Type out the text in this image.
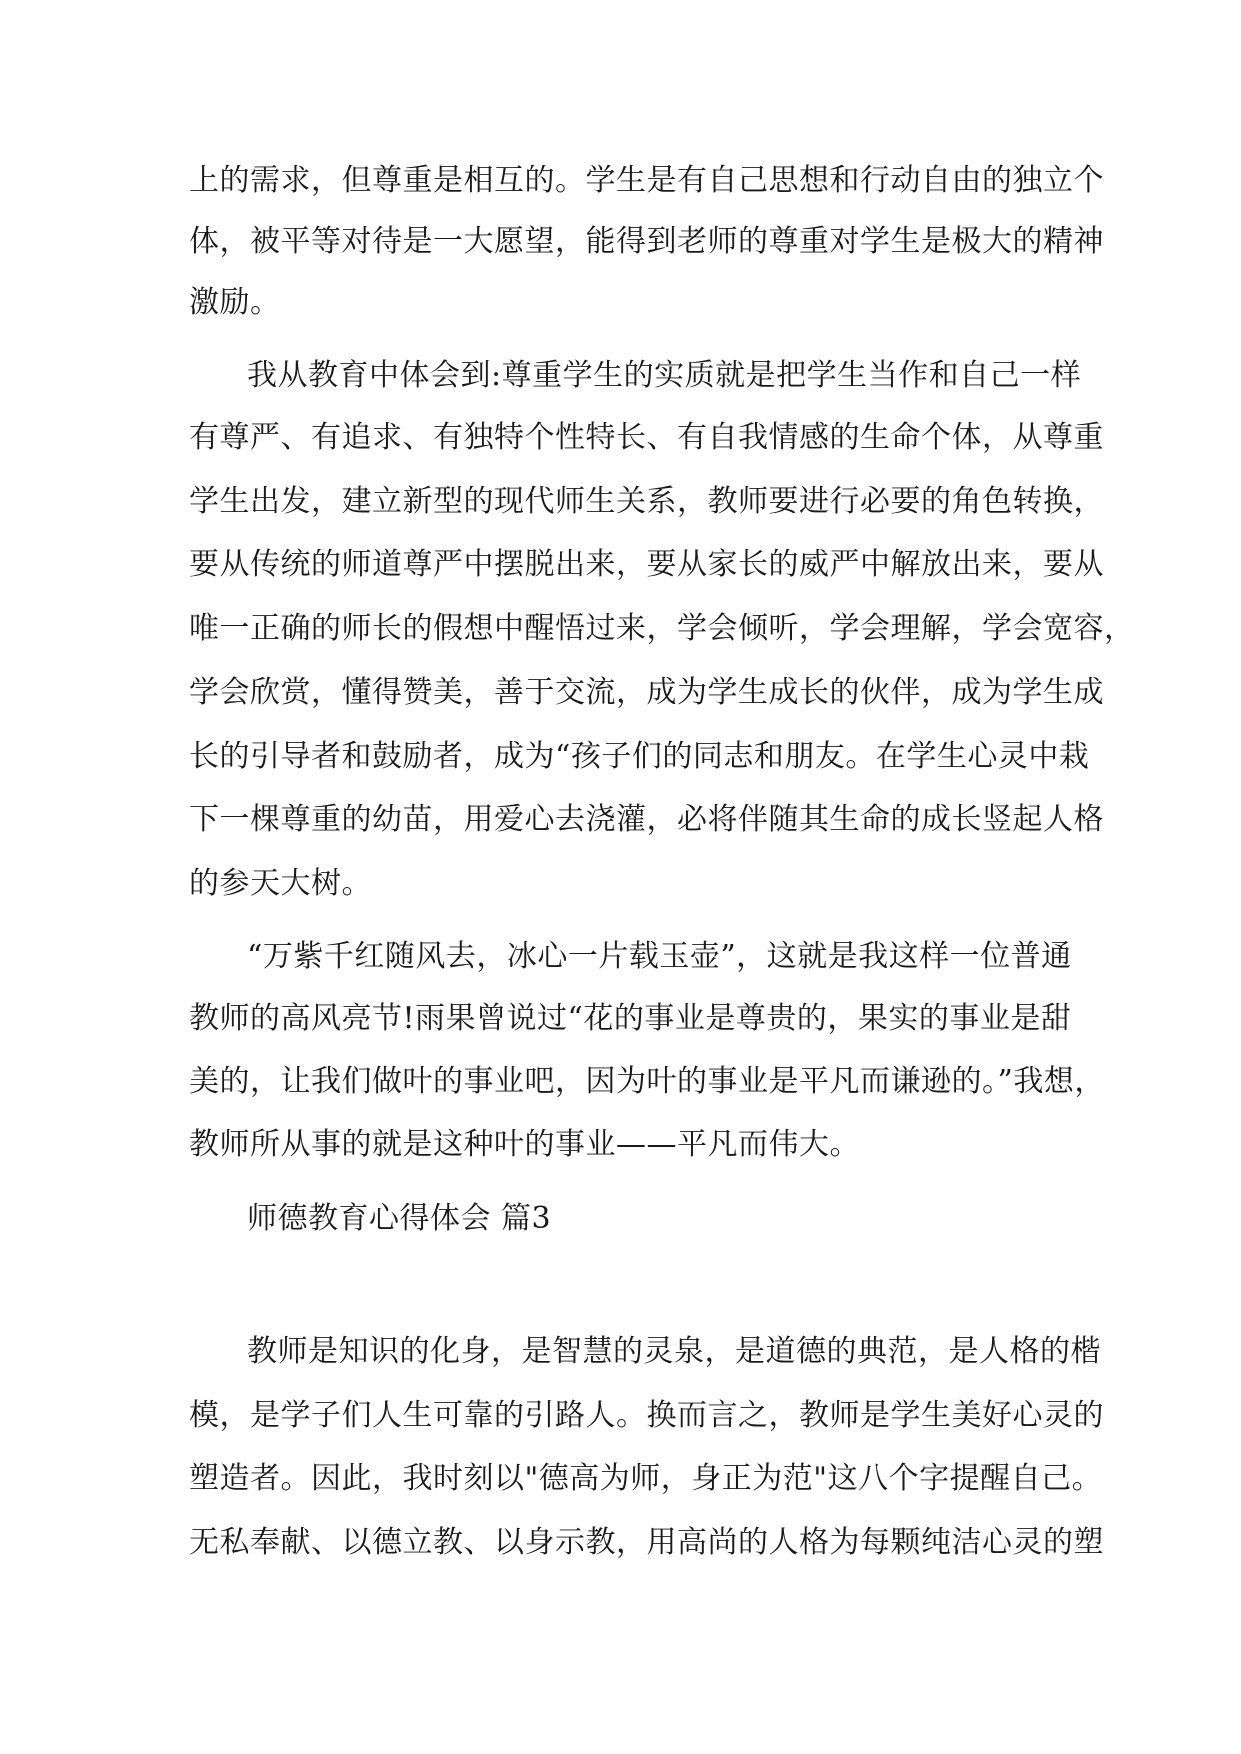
上的需求，但尊重是相互的。学生是有自己思想和行动自由的独立个
体，被平等对待是一大愿望，能得到老师的尊重对学生是极大的精神
激励。
我从教育中体会到:尊重学生的实质就是把学生当作和自己一样
有尊严、有追求、有独特个性特长、有自我情感的生命个体，从尊重
学生出发，建立新型的现代师生关系，教师要进行必要的角色转换，
要从传统的师道尊严中摆脱出来，要从家长的威严中解放出来，要从
唯一正确的师长的假想中醒悟过来，学会倾听，学会理解，学会宽容，
学会欣赏，懂得赞美，善于交流，成为学生成长的伙伴，成为学生成
长的引导者和鼓励者，成为“孩子们的同志和朋友。在学生心灵中栽
下一棵尊重的幼苗，用爱心去浇灌，必将伴随其生命的成长竖起人格
的参天大树。
“万紫千红随风去，冰心一片载玉壶”，这就是我这样一位普通
教师的高风亮节!雨果曾说过“花的事业是尊贵的，果实的事业是甜
美的，让我们做叶的事业吧，因为叶的事业是平凡而谦逊的。”我想，
教师所从事的就是这种叶的事业——平凡而伟大。
师德教育心得体会 篇3
教师是知识的化身，是智慧的灵泉，是道德的典范，是人格的楷
模，是学子们人生可靠的引路人。换而言之，教师是学生美好心灵的
塑造者。因此，我时刻以"德高为师，身正为范"这八个字提醒自己。
无私奉献、以德立教、以身示教，用高尚的人格为每颗纯洁心灵的塑
